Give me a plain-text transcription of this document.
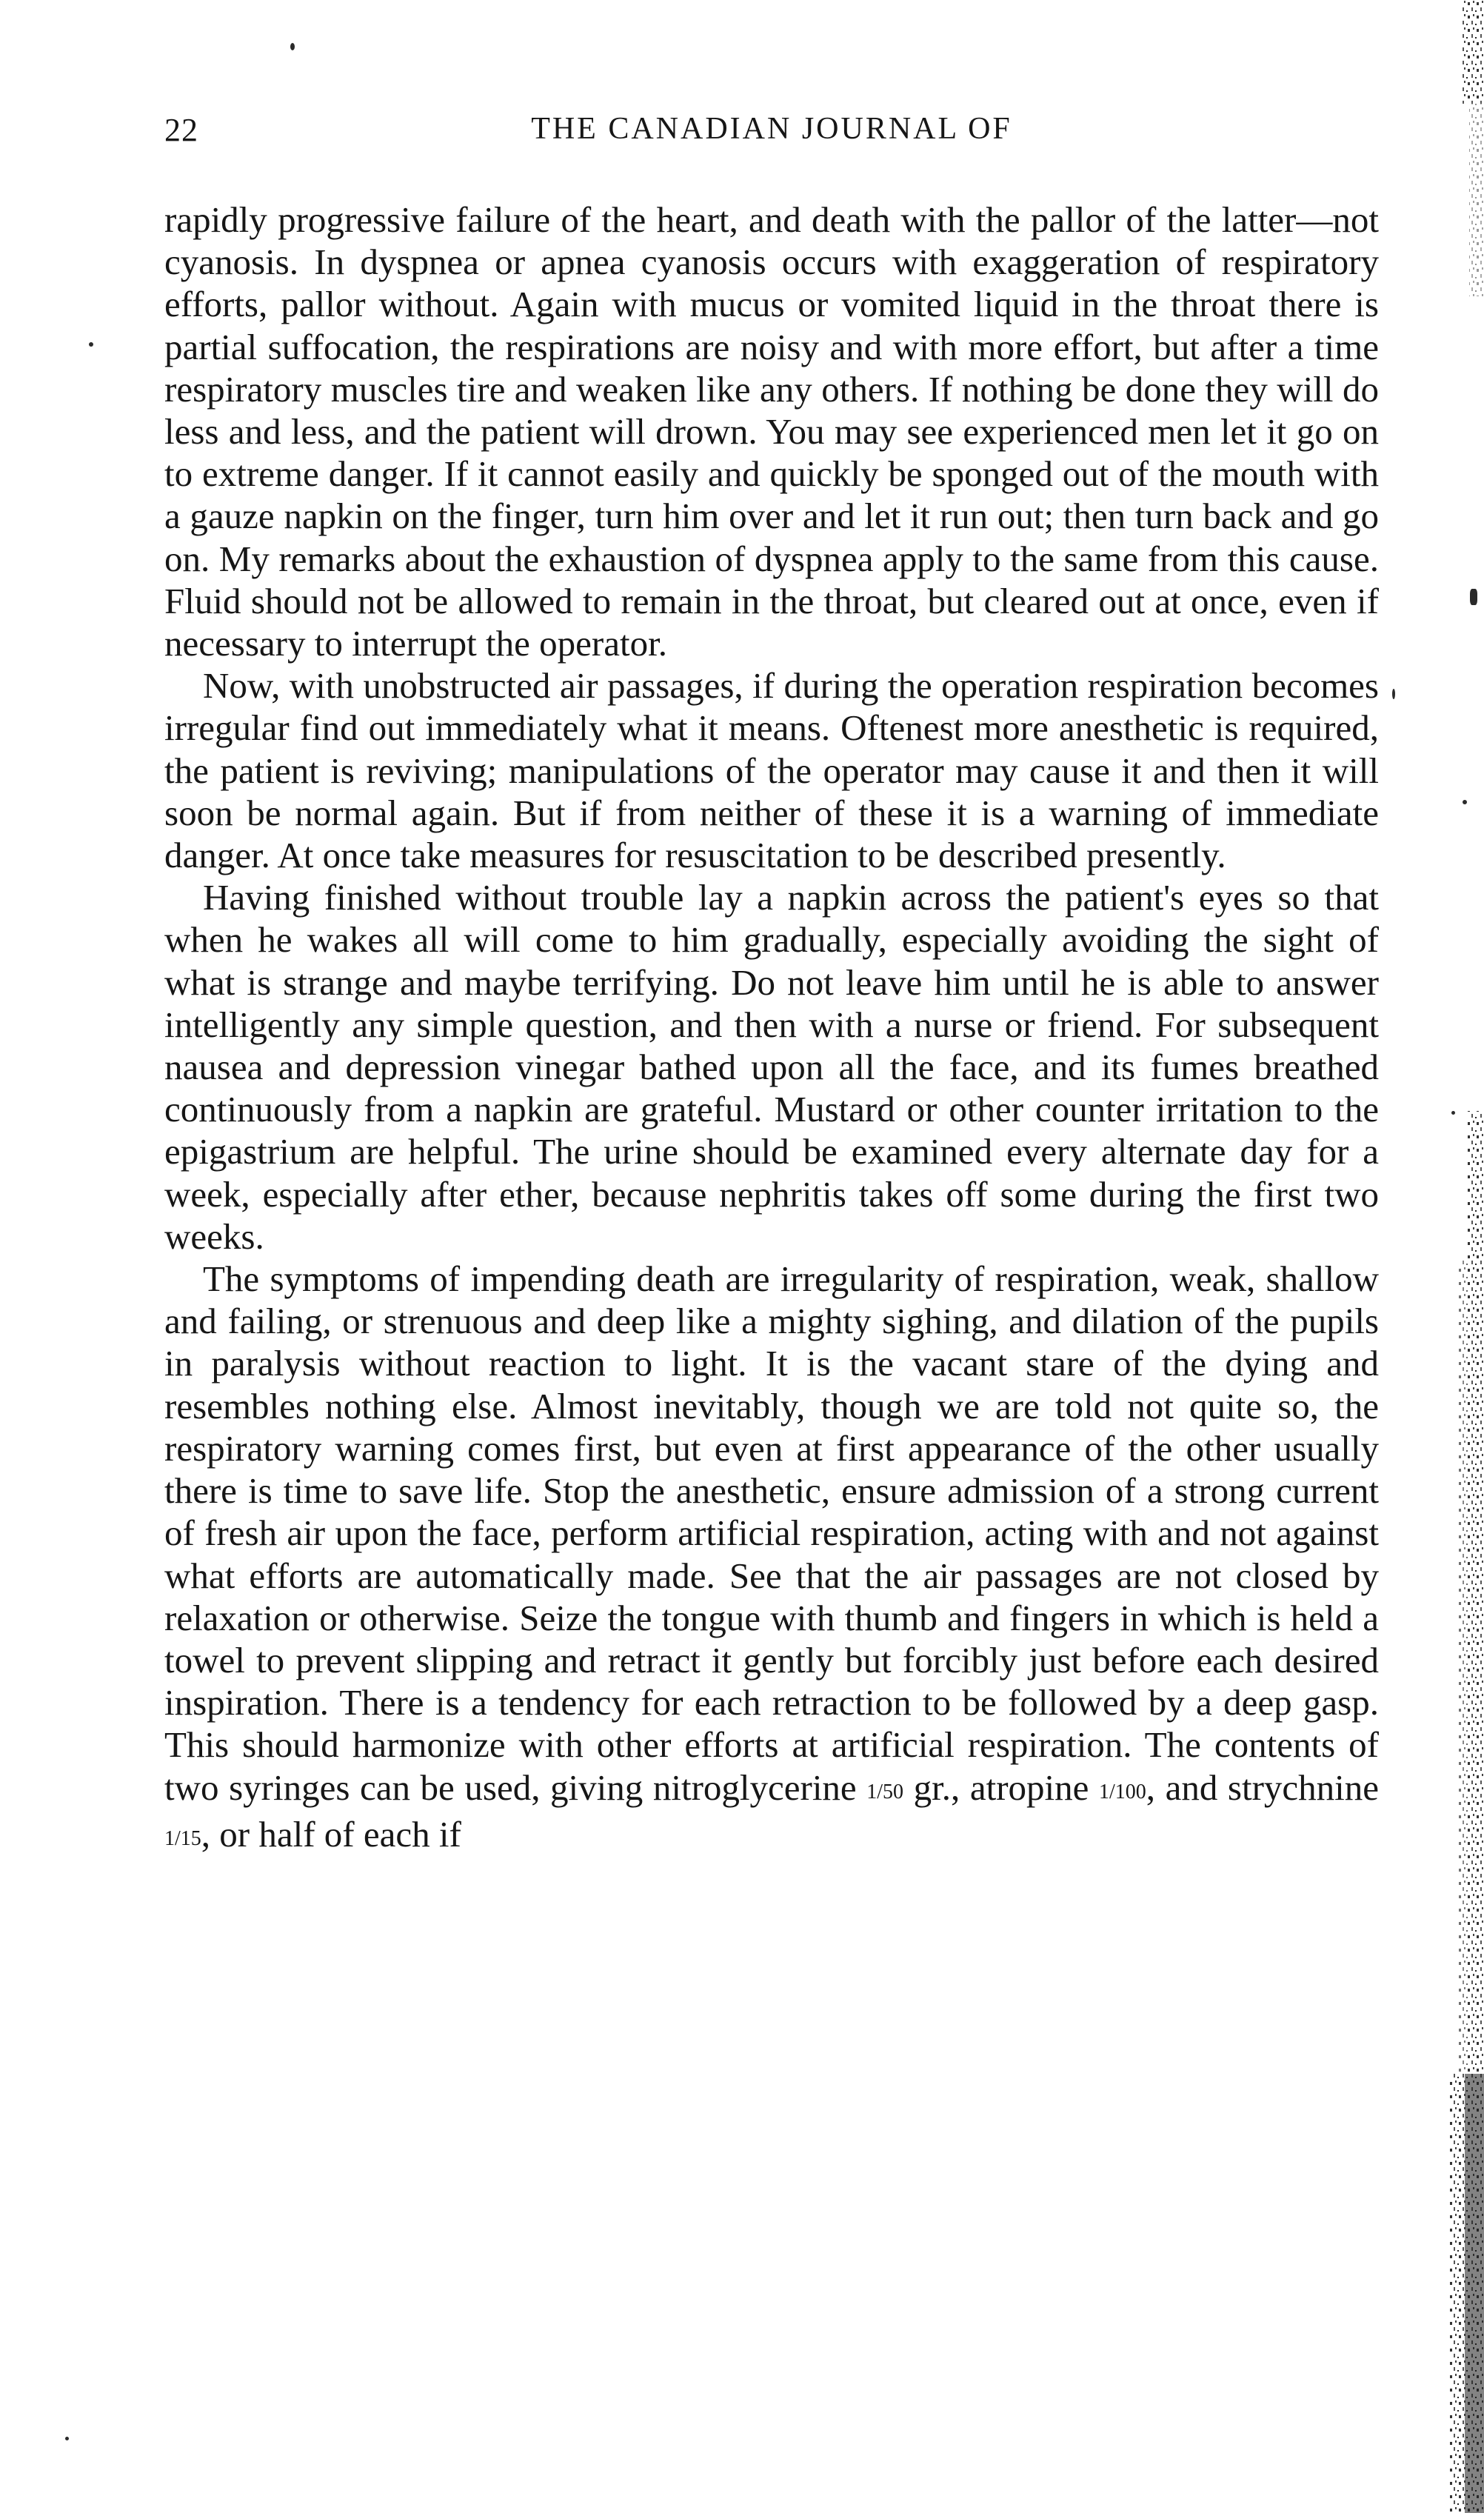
22	THE CANADIAN JOURNAL OF

rapidly progressive failure of the heart, and death with the pallor of the latter—not cyanosis. In dyspnea or apnea cyanosis occurs with exaggeration of respiratory efforts, pallor without. Again with mucus or vomited liquid in the throat there is partial suffocation, the respirations are noisy and with more effort, but after a time respiratory muscles tire and weaken like any others. If nothing be done they will do less and less, and the patient will drown. You may see experienced men let it go on to extreme danger. If it cannot easily and quickly be sponged out of the mouth with a gauze napkin on the finger, turn him over and let it run out; then turn back and go on. My remarks about the exhaustion of dyspnea apply to the same from this cause. Fluid should not be allowed to remain in the throat, but cleared out at once, even if necessary to interrupt the operator.

Now, with unobstructed air passages, if during the operation respiration becomes irregular find out immediately what it means. Oftenest more anesthetic is required, the patient is reviving; manipulations of the operator may cause it and then it will soon be normal again. But if from neither of these it is a warning of immediate danger. At once take measures for resuscitation to be described presently.

Having finished without trouble lay a napkin across the patient's eyes so that when he wakes all will come to him gradually, especially avoiding the sight of what is strange and maybe terrifying. Do not leave him until he is able to answer intelligently any simple question, and then with a nurse or friend. For subsequent nausea and depression vinegar bathed upon all the face, and its fumes breathed continuously from a napkin are grateful. Mustard or other counter irritation to the epigastrium are helpful. The urine should be examined every alternate day for a week, especially after ether, because nephritis takes off some during the first two weeks.

The symptoms of impending death are irregularity of respiration, weak, shallow and failing, or strenuous and deep like a mighty sighing, and dilation of the pupils in paralysis without reaction to light. It is the vacant stare of the dying and resembles nothing else. Almost inevitably, though we are told not quite so, the respiratory warning comes first, but even at first appearance of the other usually there is time to save life. Stop the anesthetic, ensure admission of a strong current of fresh air upon the face, perform artificial respiration, acting with and not against what efforts are automatically made. See that the air passages are not closed by relaxation or otherwise. Seize the tongue with thumb and fingers in which is held a towel to prevent slipping and retract it gently but forcibly just before each desired inspiration. There is a tendency for each retraction to be followed by a deep gasp. This should harmonize with other efforts at artificial respiration. The contents of two syringes can be used, giving nitroglycerine 1/50 gr., atropine 1/100, and strychnine 1/15, or half of each if
